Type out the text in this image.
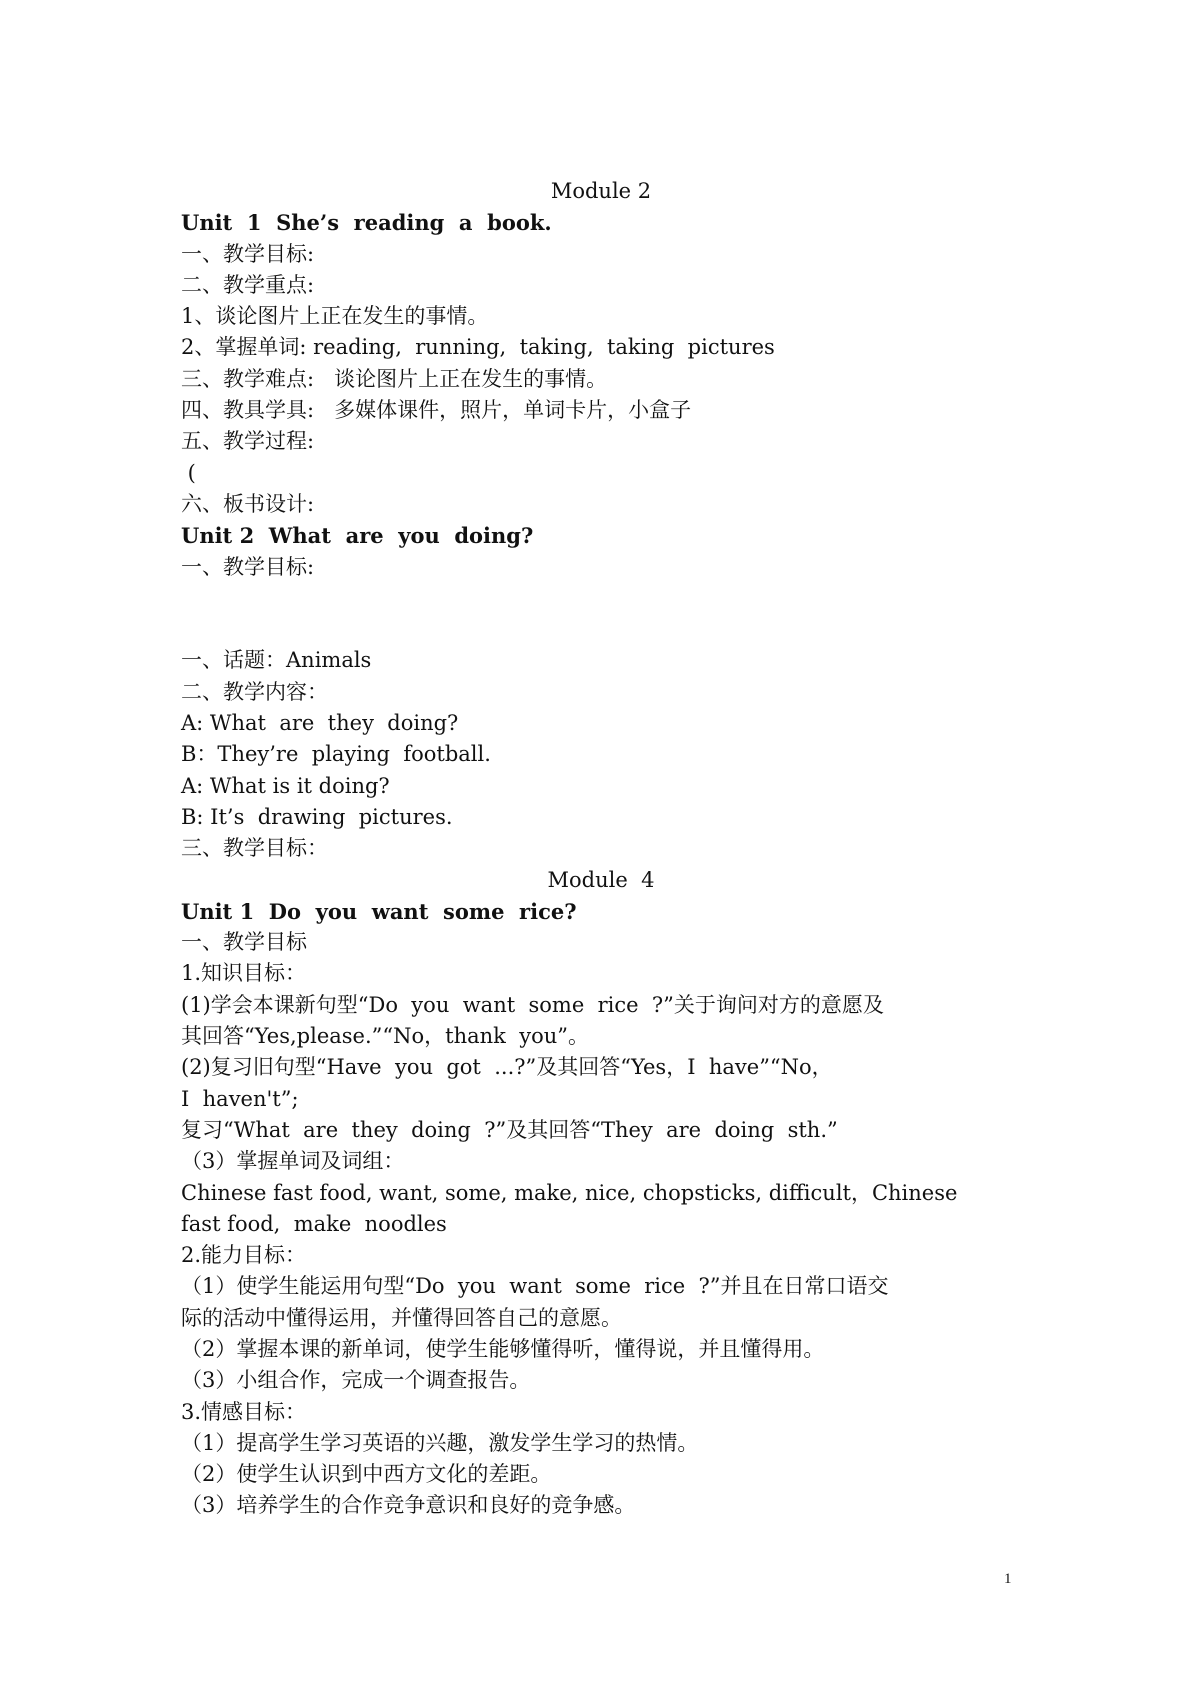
Module 2
Unit  1  She’s  reading  a  book.
一、教学目标:
二、教学重点:
1、谈论图片上正在发生的事情。
2、掌握单词: reading,  running,  taking,  taking  pictures
三、教学难点:   谈论图片上正在发生的事情。
四、教具学具:   多媒体课件，照片，单词卡片，小盒子
五、教学过程:
(
六、板书设计:
Unit 2  What  are  you  doing?
一、教学目标:
一、话题：Animals
二、教学内容：
A: What  are  they  doing?
B：They’re  playing  football.
A: What is it doing?
B: It’s  drawing  pictures.
三、教学目标：
Module  4
Unit 1  Do  you  want  some  rice?
一、教学目标
1.知识目标：
(1)学会本课新句型“Do  you  want  some  rice  ?”关于询问对方的意愿及
其回答“Yes,please.”“No，thank  you”。
(2)复习旧句型“Have  you  got  ...?”及其回答“Yes，I  have”“No，
I  haven't”;
复习“What  are  they  doing  ?”及其回答“They  are  doing  sth.”
（3）掌握单词及词组：
Chinese fast food, want, some, make, nice, chopsticks, difficult，Chinese
fast food,  make  noodles
2.能力目标：
（1）使学生能运用句型“Do  you  want  some  rice  ?”并且在日常口语交
际的活动中懂得运用，并懂得回答自己的意愿。
（2）掌握本课的新单词，使学生能够懂得听，懂得说，并且懂得用。
（3）小组合作，完成一个调查报告。
3.情感目标：
（1）提高学生学习英语的兴趣，激发学生学习的热情。
（2）使学生认识到中西方文化的差距。
（3）培养学生的合作竞争意识和良好的竞争感。
1
